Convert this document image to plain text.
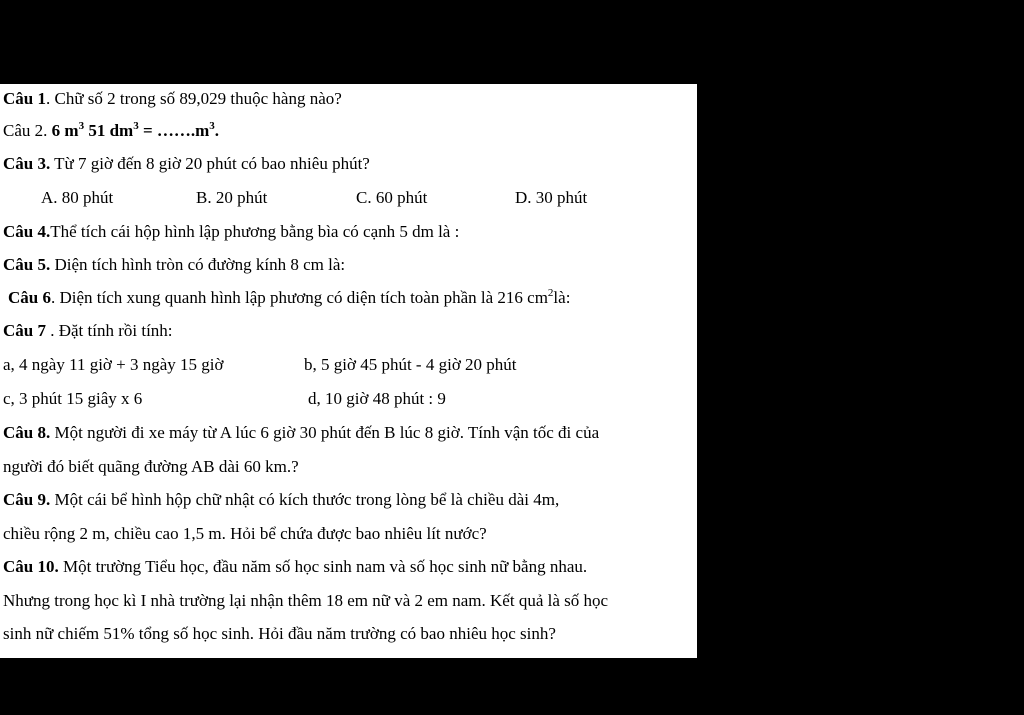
Câu 1. Chữ số 2 trong số 89,029 thuộc hàng nào?
Câu 2. 6 $m^3$ 51 $dm^3$ = $\dots\dots.m^3$.
Câu 3. Từ 7 giờ đến 8 giờ 20 phút có bao nhiêu phút?
A. 80 phút	B. 20 phút	C. 60 phút	D. 30 phút
Câu 4.Thể tích cái hộp hình lập phương bằng bìa có cạnh 5 dm là :
Câu 5. Diện tích hình tròn có đường kính 8 cm là:
Câu 6. Diện tích xung quanh hình lập phương có diện tích toàn phần là 216 $cm^2là$:
Câu 7 . Đặt tính rồi tính:
a, 4 ngày 11 giờ + 3 ngày 15 giờ	b, 5 giờ 45 phút - 4 giờ 20 phút
c, 3 phút 15 giây x 6	d, 10 giờ 48 phút : 9
Câu 8. Một người đi xe máy từ A lúc 6 giờ 30 phút đến B lúc 8 giờ. Tính vận tốc đi của
người đó biết quãng đường AB dài 60 km.?
Câu 9. Một cái bể hình hộp chữ nhật có kích thước trong lòng bể là chiều dài 4m,
chiều rộng 2 m, chiều cao 1,5 m. Hỏi bể chứa được bao nhiêu lít nước?
Câu 10. Một trường Tiểu học, đầu năm số học sinh nam và số học sinh nữ bằng nhau.
Nhưng trong học kì I nhà trường lại nhận thêm 18 em nữ và 2 em nam. Kết quả là số học
sinh nữ chiếm 51% tổng số học sinh. Hỏi đầu năm trường có bao nhiêu học sinh?
